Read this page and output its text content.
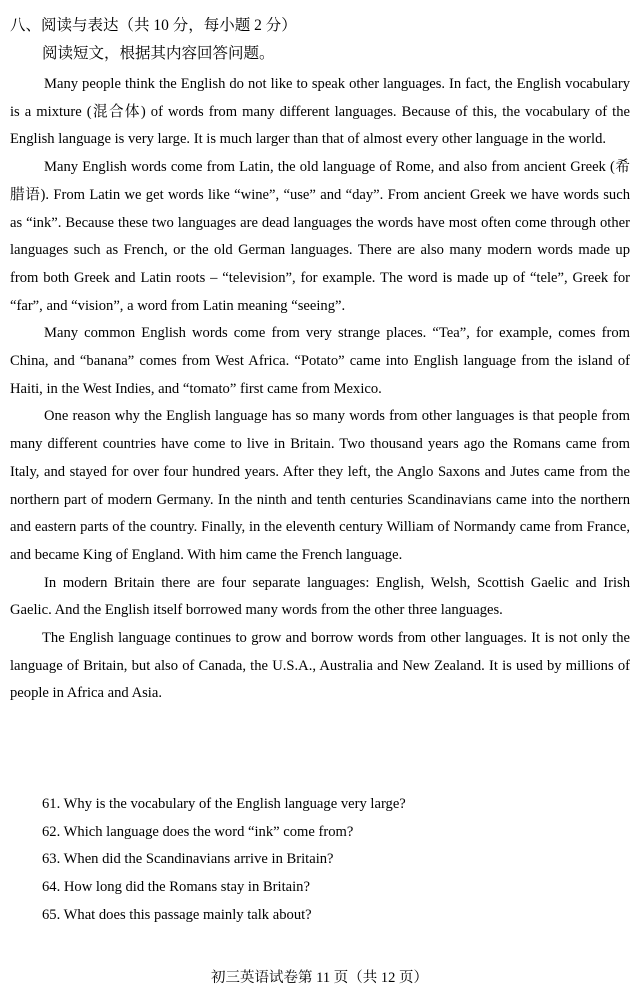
八、阅读与表达（共 10 分，每小题 2 分）
阅读短文，根据其内容回答问题。

Many people think the English do not like to speak other languages. In fact, the English vocabulary is a mixture (混合体) of words from many different languages. Because of this, the vocabulary of the English language is very large. It is much larger than that of almost every other language in the world.

Many English words come from Latin, the old language of Rome, and also from ancient Greek (希腊语). From Latin we get words like “wine”, “use” and “day”. From ancient Greek we have words such as “ink”. Because these two languages are dead languages the words have most often come through other languages such as French, or the old German languages. There are also many modern words made up from both Greek and Latin roots – “television”, for example. The word is made up of “tele”, Greek for “far”, and “vision”, a word from Latin meaning “seeing”.

Many common English words come from very strange places. “Tea”, for example, comes from China, and “banana” comes from West Africa. “Potato” came into English language from the island of Haiti, in the West Indies, and “tomato” first came from Mexico.

One reason why the English language has so many words from other languages is that people from many different countries have come to live in Britain. Two thousand years ago the Romans came from Italy, and stayed for over four hundred years. After they left, the Anglo Saxons and Jutes came from the northern part of modern Germany. In the ninth and tenth centuries Scandinavians came into the northern and eastern parts of the country. Finally, in the eleventh century William of Normandy came from France, and became King of England. With him came the French language.

In modern Britain there are four separate languages: English, Welsh, Scottish Gaelic and Irish Gaelic. And the English itself borrowed many words from the other three languages.

The English language continues to grow and borrow words from other languages. It is not only the language of Britain, but also of Canada, the U.S.A., Australia and New Zealand. It is used by millions of people in Africa and Asia.

61. Why is the vocabulary of the English language very large?
62. Which language does the word “ink” come from?
63. When did the Scandinavians arrive in Britain?
64. How long did the Romans stay in Britain?
65. What does this passage mainly talk about?
初三英语试卷第 11 页（共 12 页）
